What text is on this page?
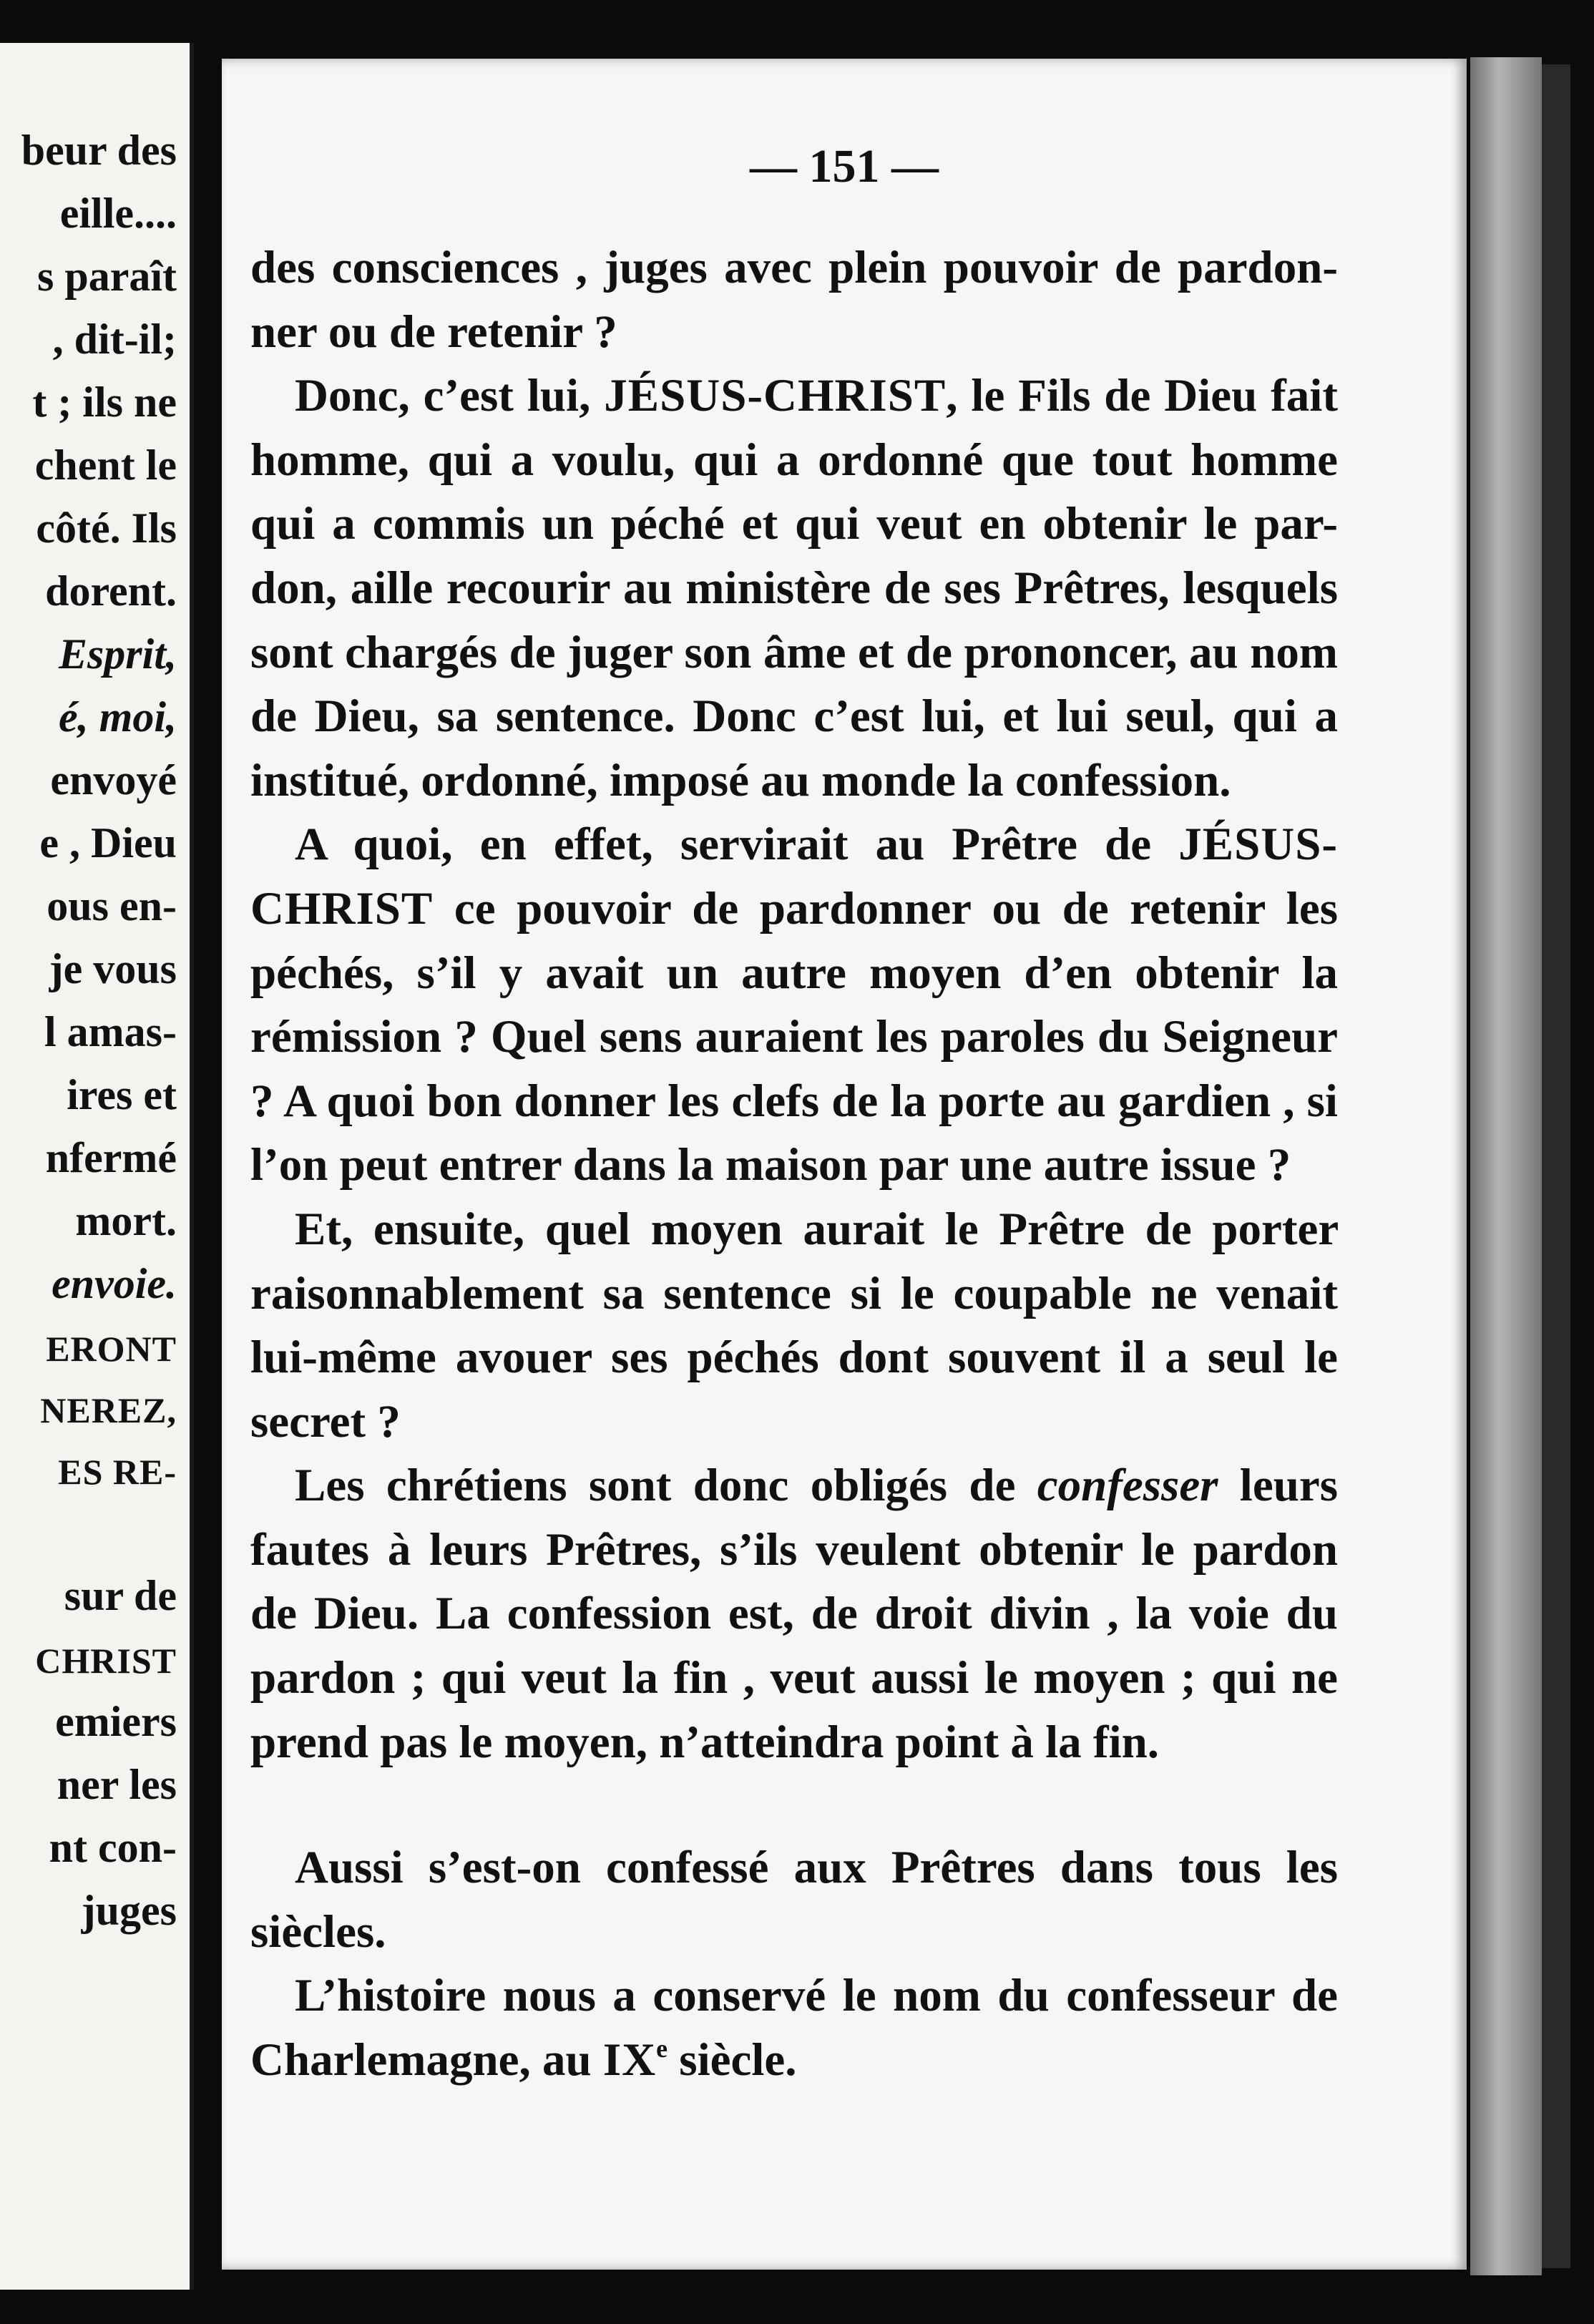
beur des
eille....
s paraît
, dit-il;
t ; ils ne
chent le
côté. Ils
dorent.
Esprit,
é, moi,
envoyé
e , Dieu
ous en-
je vous
l amas-
ires et
nfermé
mort.
envoie.
ERONT
NEREZ,
ES RE-
sur de
CHRIST
emiers
ner les
nt con-
juges
— 151 —

des consciences , juges avec plein pouvoir de pardon-ner ou de retenir ?

Donc, c’est lui, JÉSUS-CHRIST, le Fils de Dieu fait homme, qui a voulu, qui a ordonné que tout homme qui a commis un péché et qui veut en obtenir le par-don, aille recourir au ministère de ses Prêtres, lesquels sont chargés de juger son âme et de prononcer, au nom de Dieu, sa sentence. Donc c’est lui, et lui seul, qui a institué, ordonné, imposé au monde la confession.

A quoi, en effet, servirait au Prêtre de JÉSUS-CHRIST ce pouvoir de pardonner ou de retenir les péchés, s’il y avait un autre moyen d’en obtenir la rémission ? Quel sens auraient les paroles du Seigneur ? A quoi bon donner les clefs de la porte au gardien , si l’on peut entrer dans la maison par une autre issue ?

Et, ensuite, quel moyen aurait le Prêtre de porter raisonnablement sa sentence si le coupable ne venait lui-même avouer ses péchés dont souvent il a seul le secret ?

Les chrétiens sont donc obligés de confesser leurs fautes à leurs Prêtres, s’ils veulent obtenir le pardon de Dieu. La confession est, de droit divin , la voie du pardon ; qui veut la fin , veut aussi le moyen ; qui ne prend pas le moyen, n’atteindra point à la fin.

Aussi s’est-on confessé aux Prêtres dans tous les siècles.

L’histoire nous a conservé le nom du confesseur de Charlemagne, au IXe siècle.
